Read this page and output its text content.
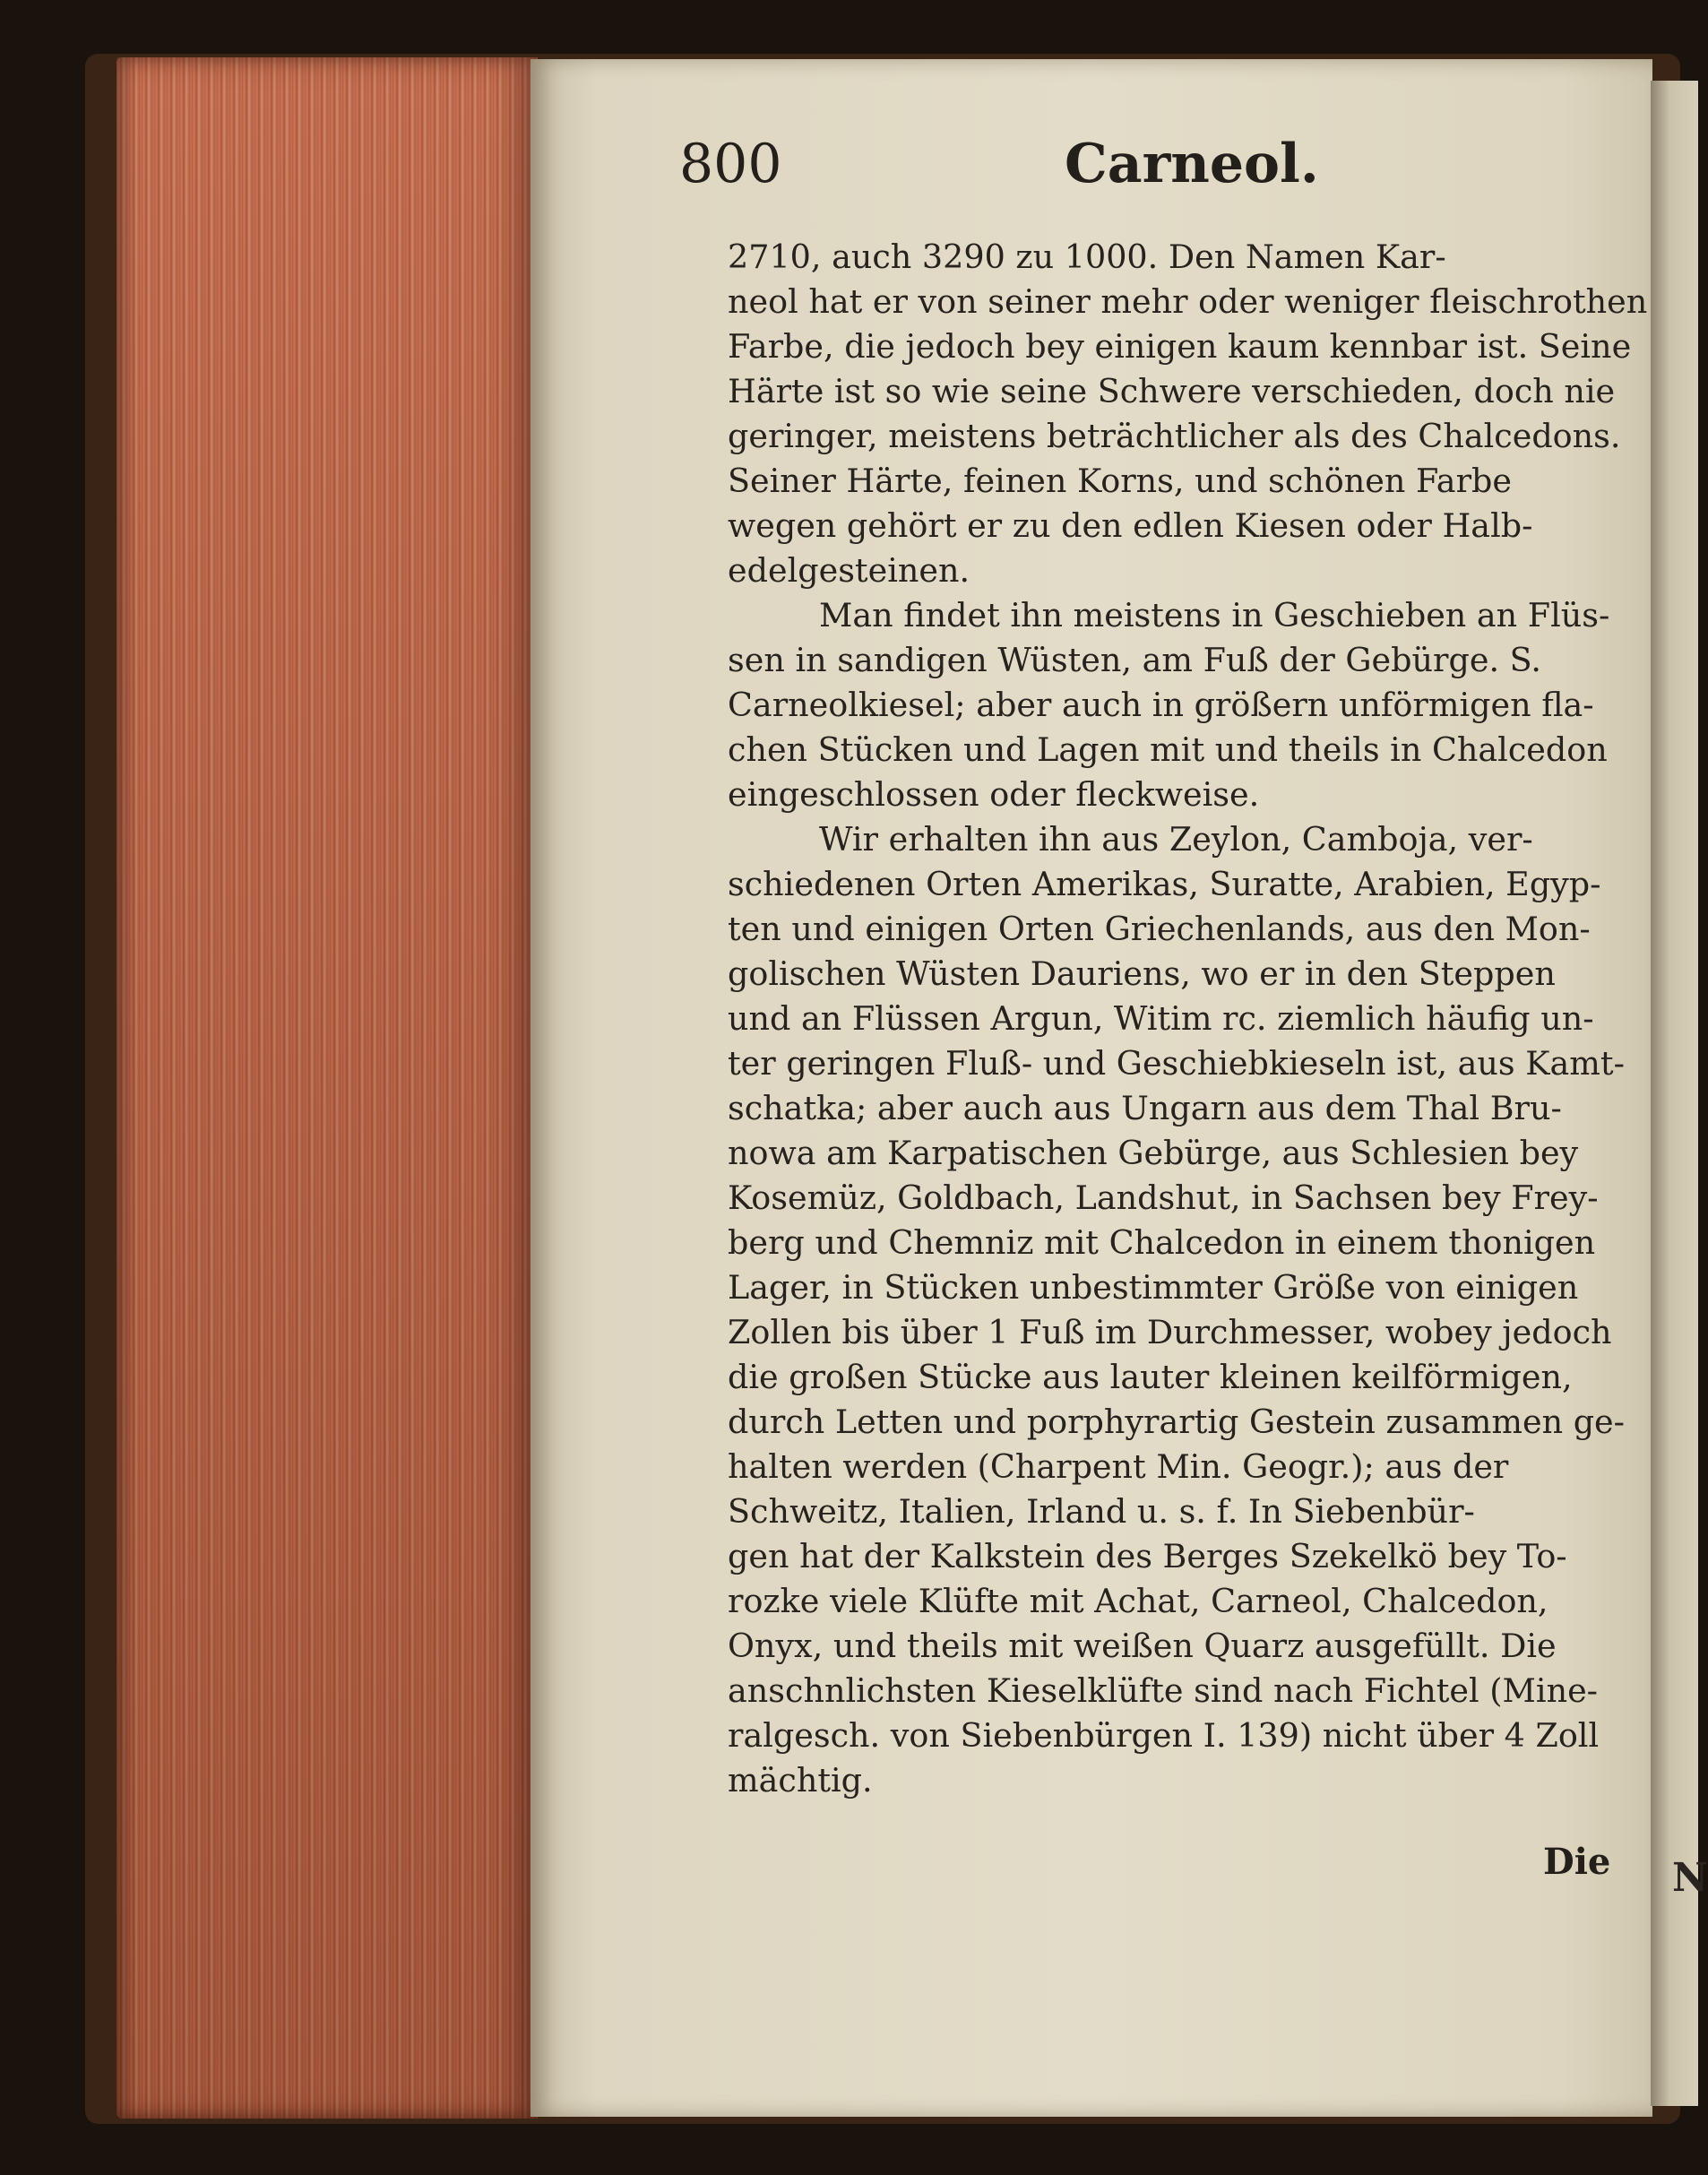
N
800	Carneol.
2710, auch 3290 zu 1000. Den Namen Kar-
neol hat er von seiner mehr oder weniger fleischrothen
Farbe, die jedoch bey einigen kaum kennbar ist. Seine
Härte ist so wie seine Schwere verschieden, doch nie
geringer, meistens beträchtlicher als des Chalcedons.
Seiner Härte, feinen Korns, und schönen Farbe
wegen gehört er zu den edlen Kiesen oder Halb-
edelgesteinen.
Man findet ihn meistens in Geschieben an Flüs-
sen in sandigen Wüsten, am Fuß der Gebürge. S.
Carneolkiesel; aber auch in größern unförmigen fla-
chen Stücken und Lagen mit und theils in Chalcedon
eingeschlossen oder fleckweise.
Wir erhalten ihn aus Zeylon, Camboja, ver-
schiedenen Orten Amerikas, Suratte, Arabien, Egyp-
ten und einigen Orten Griechenlands, aus den Mon-
golischen Wüsten Dauriens, wo er in den Steppen
und an Flüssen Argun, Witim rc. ziemlich häufig un-
ter geringen Fluß- und Geschiebkieseln ist, aus Kamt-
schatka; aber auch aus Ungarn aus dem Thal Bru-
nowa am Karpatischen Gebürge, aus Schlesien bey
Kosemüz, Goldbach, Landshut, in Sachsen bey Frey-
berg und Chemniz mit Chalcedon in einem thonigen
Lager, in Stücken unbestimmter Größe von einigen
Zollen bis über 1 Fuß im Durchmesser, wobey jedoch
die großen Stücke aus lauter kleinen keilförmigen,
durch Letten und porphyrartig Gestein zusammen ge-
halten werden (Charpent Min. Geogr.); aus der
Schweitz, Italien, Irland u. s. f. In Siebenbür-
gen hat der Kalkstein des Berges Szekelkö bey To-
rozke viele Klüfte mit Achat, Carneol, Chalcedon,
Onyx, und theils mit weißen Quarz ausgefüllt. Die
anschnlichsten Kieselklüfte sind nach Fichtel (Mine-
ralgesch. von Siebenbürgen I. 139) nicht über 4 Zoll
mächtig.
Die
